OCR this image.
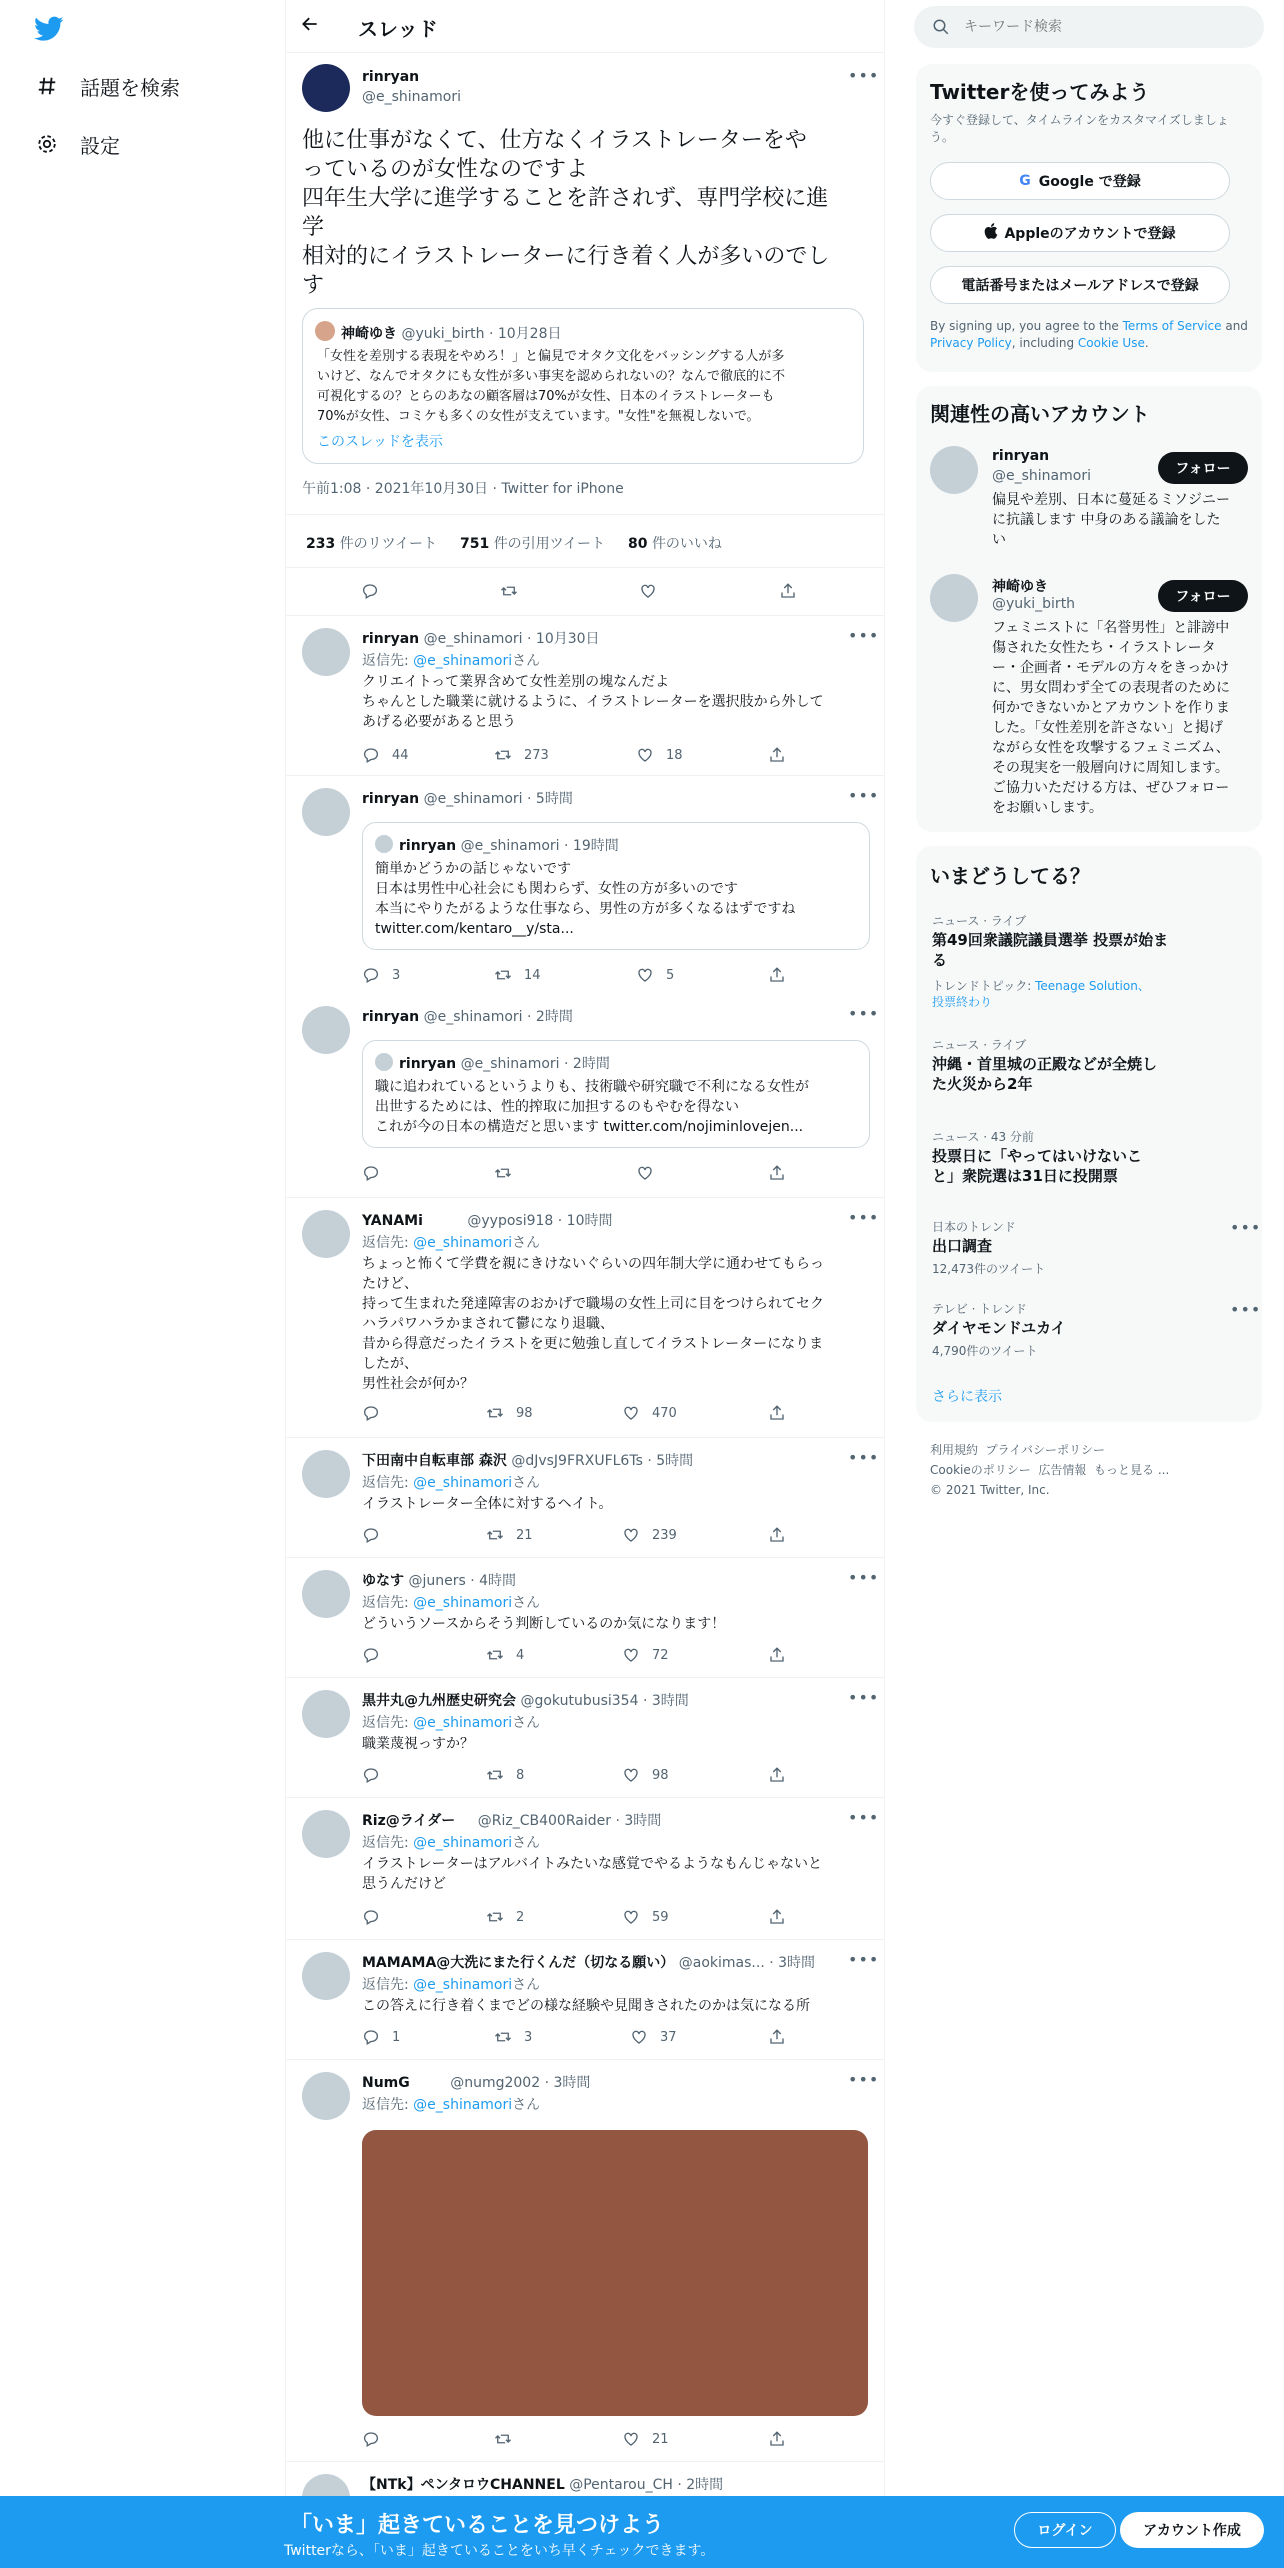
話題を検索
設定
スレッド
rinryan
@e_shinamori
•••
他に仕事がなくて、仕方なくイラストレーターをや
っているのが女性なのですよ
四年生大学に進学することを許されず、専門学校に進
学
相対的にイラストレーターに行き着く人が多いのでし
す
神崎ゆき @yuki_birth · 10月28日
「女性を差別する表現をやめろ！」と偏見でオタク文化をバッシングする人が多
いけど、なんでオタクにも女性が多い事実を認められないの？なんで徹底的に不
可視化するの？とらのあなの顧客層は70%が女性、日本のイラストレーターも
70%が女性、コミケも多くの女性が支えています。"女性"を無視しないで。
このスレッドを表示
午前1:08 · 2021年10月30日 · Twitter for iPhone
233 件のリツイート 751 件の引用ツイート 80 件のいいね
rinryan @e_shinamori · 10月30日	•••
返信先: @e_shinamoriさん
クリエイトって業界含めて女性差別の塊なんだよ
ちゃんとした職業に就けるように、イラストレーターを選択肢から外して
あげる必要があると思う
44	273	18
rinryan @e_shinamori · 5時間	•••
rinryan @e_shinamori · 19時間
簡単かどうかの話じゃないです
日本は男性中心社会にも関わらず、女性の方が多いのです
本当にやりたがるような仕事なら、男性の方が多くなるはずですね
twitter.com/kentaro__y/sta...
3	14	5
rinryan @e_shinamori · 2時間	•••
rinryan @e_shinamori · 2時間
職に追われているというよりも、技術職や研究職で不利になる女性が
出世するためには、性的搾取に加担するのもやむを得ない
これが今の日本の構造だと思います twitter.com/nojiminlovejen...
YANAMi	@yyposi918 · 10時間	•••
返信先: @e_shinamoriさん
ちょっと怖くて学費を親にきけないぐらいの四年制大学に通わせてもらっ
たけど、
持って生まれた発達障害のおかげで職場の女性上司に目をつけられてセク
ハラパワハラかまされて鬱になり退職、
昔から得意だったイラストを更に勉強し直してイラストレーターになりま
したが、
男性社会が何か？
98	470
下田南中自転車部 森沢 @dJvsJ9FRXUFL6Ts · 5時間	•••
返信先: @e_shinamoriさん
イラストレーター全体に対するヘイト。
21	239
ゆなす @juners · 4時間	•••
返信先: @e_shinamoriさん
どういうソースからそう判断しているのか気になります！
4	72
黒井丸@九州歴史研究会 @gokutubusi354 · 3時間	•••
返信先: @e_shinamoriさん
職業蔑視っすか？
8	98
Riz@ライダー @Riz_CB400Raider · 3時間	•••
返信先: @e_shinamoriさん
イラストレーターはアルバイトみたいな感覚でやるようなもんじゃないと
思うんだけど
2	59
MAMAMA@大洗にまた行くんだ（切なる願い） @aokimas... · 3時間 •••
返信先: @e_shinamoriさん
この答えに行き着くまでどの様な経験や見聞きされたのかは気になる所
1	3	37
NumG	@numg2002 · 3時間	•••
返信先: @e_shinamoriさん
21
【NTk】ペンタロウCHANNEL @Pentarou_CH · 2時間
キーワード検索
Twitterを使ってみよう
今すぐ登録して、タイムラインをカスタマイズしましょう。
G Google で登録
Appleのアカウントで登録
電話番号またはメールアドレスで登録
By signing up, you agree to the Terms of Service and Privacy Policy, including Cookie Use.
関連性の高いアカウント
rinryan
@e_shinamori	フォロー
偏見や差別、日本に蔓延るミソジニー
に抗議します 中身のある議論をした
い
神崎ゆき
@yuki_birth	フォロー
フェミニストに「名誉男性」と誹謗中
傷された女性たち・イラストレータ
ー・企画者・モデルの方々をきっかけ
に、男女問わず全ての表現者のために
何かできないかとアカウントを作りま
した。「女性差別を許さない」と掲げ
ながら女性を攻撃するフェミニズム、
その現実を一般層向けに周知します。
ご協力いただける方は、ぜひフォロー
をお願いします。
いまどうしてる？
ニュース · ライブ
第49回衆議院議員選挙 投票が始ま
る
トレンドトピック: Teenage Solution、
投票終わり
ニュース · ライブ
沖縄・首里城の正殿などが全焼し
た火災から2年
ニュース · 43 分前
投票日に「やってはいけないこ
と」衆院選は31日に投開票
日本のトレンド	•••
出口調査
12,473件のツイート
テレビ · トレンド	•••
ダイヤモンドユカイ
4,790件のツイート
さらに表示
利用規約 プライバシーポリシー
Cookieのポリシー 広告情報 もっと見る ...
© 2021 Twitter, Inc.
「いま」起きていることを見つけよう
Twitterなら、「いま」起きていることをいち早くチェックできます。
ログイン	アカウント作成
